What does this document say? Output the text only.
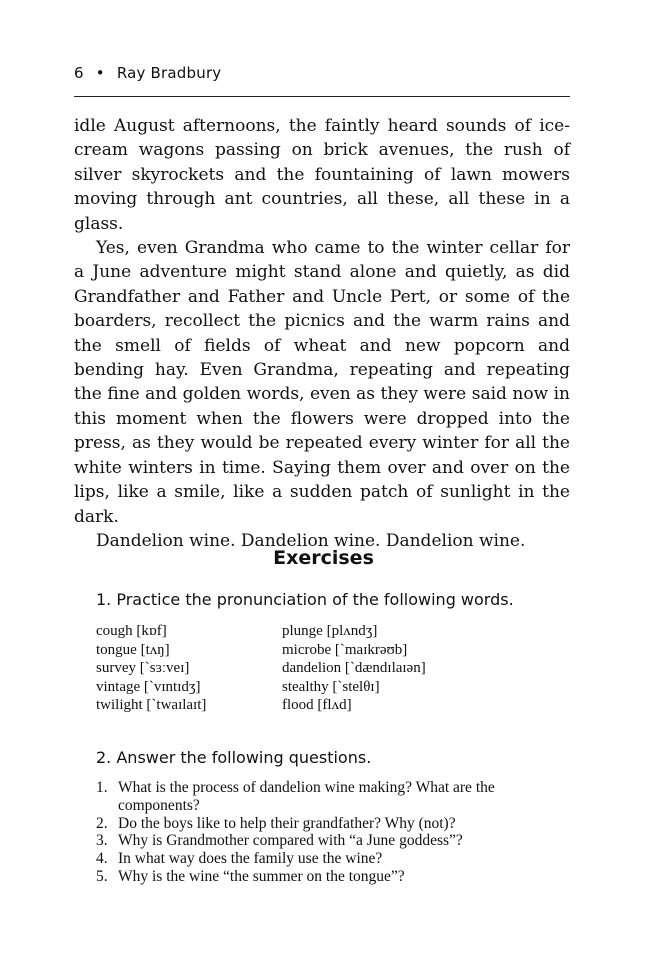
6 • Ray Bradbury

idle August afternoons, the faintly heard sounds of ice-cream wagons passing on brick avenues, the rush of silver skyrockets and the fountaining of lawn mowers moving through ant countries, all these, all these in a glass.

Yes, even Grandma who came to the winter cellar for a June adventure might stand alone and quietly, as did Grandfather and Father and Uncle Pert, or some of the boarders, recollect the picnics and the warm rains and the smell of fields of wheat and new popcorn and bending hay. Even Grandma, repeating and repeating the fine and golden words, even as they were said now in this moment when the flowers were dropped into the press, as they would be repeated every winter for all the white winters in time. Saying them over and over on the lips, like a smile, like a sudden patch of sunlight in the dark.

Dandelion wine. Dandelion wine. Dandelion wine.

Exercises
1. Practice the pronunciation of the following words.
cough [kɒf]	plunge [plʌndʒ]
tongue [tʌŋ]	microbe [ˋmaɪkrəʊb]
survey [ˋsɜːveɪ]	dandelion [ˋdændɪlaɪən]
vintage [ˋvɪntɪdʒ]	stealthy [ˋstelθɪ]
twilight [ˋtwaɪlaɪt]	flood [flʌd]
2. Answer the following questions.
1. What is the process of dandelion wine making? What are the components?
2. Do the boys like to help their grandfather? Why (not)?
3. Why is Grandmother compared with “a June goddess”?
4. In what way does the family use the wine?
5. Why is the wine “the summer on the tongue”?
